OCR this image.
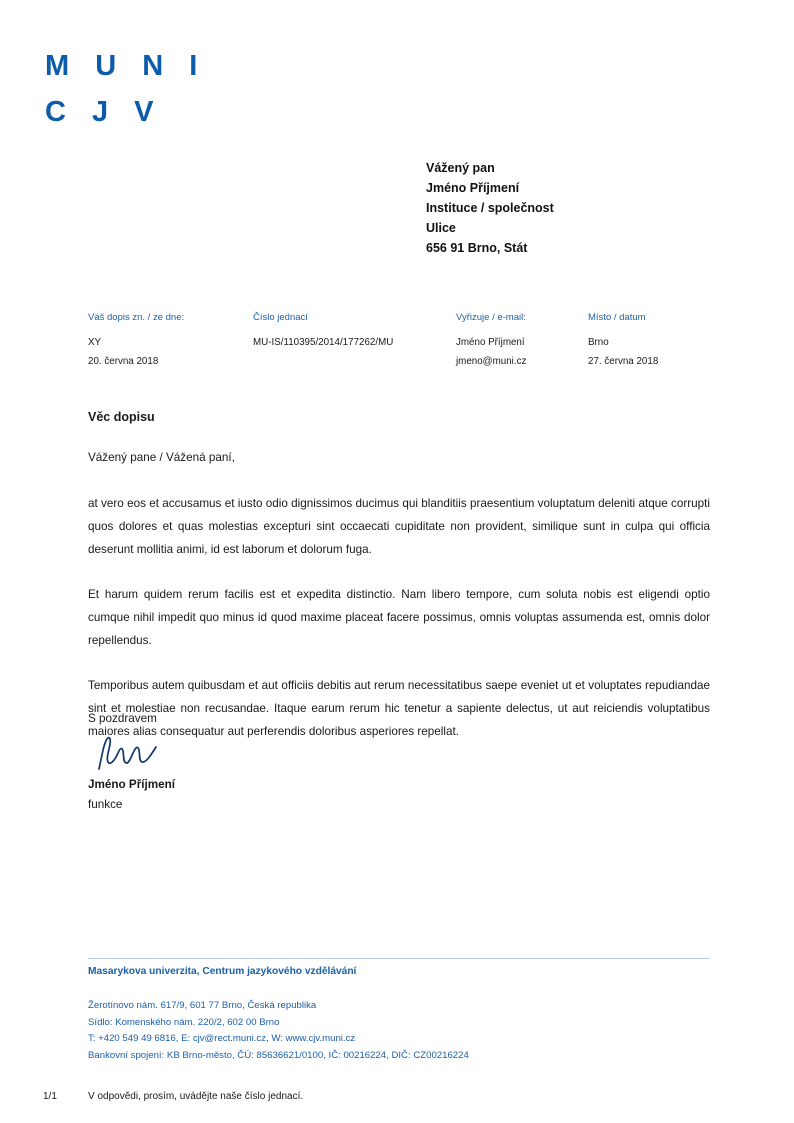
M U N I
C J V
Vážený pan
Jméno Příjmení
Instituce / společnost
Ulice
656 91 Brno, Stát
Váš dopis zn. / ze dne:
XY
20. června 2018
Číslo jednací
MU-IS/110395/2014/177262/MU
Vyřizuje / e-mail:
Jméno Příjmení
jmeno@muni.cz
Místo / datum
Brno
27. června 2018
Věc dopisu
Vážený pane / Vážená paní,

at vero eos et accusamus et iusto odio dignissimos ducimus qui blanditiis praesentium voluptatum deleniti atque corrupti quos dolores et quas molestias excepturi sint occaecati cupiditate non provident, similique sunt in culpa qui officia deserunt mollitia animi, id est laborum et dolorum fuga.

Et harum quidem rerum facilis est et expedita distinctio. Nam libero tempore, cum soluta nobis est eligendi optio cumque nihil impedit quo minus id quod maxime placeat facere possimus, omnis voluptas assumenda est, omnis dolor repellendus.

Temporibus autem quibusdam et aut officiis debitis aut rerum necessitatibus saepe eveniet ut et voluptates repudiandae sint et molestiae non recusandae. Itaque earum rerum hic tenetur a sapiente delectus, ut aut reiciendis voluptatibus maiores alias consequatur aut perferendis doloribus asperiores repellat.

S pozdravem
Jméno Příjmení
funkce
Masarykova univerzita, Centrum jazykového vzdělávání
Žerotínovo nám. 617/9, 601 77 Brno, Česká republika
Sídlo: Komenského nám. 220/2, 602 00 Brno
T: +420 549 49 6816, E: cjv@rect.muni.cz, W: www.cjv.muni.cz
Bankovní spojení: KB Brno-město, ČÚ: 85636621/0100, IČ: 00216224, DIČ: CZ00216224
V odpovědi, prosím, uvádějte naše číslo jednací.
1/1
